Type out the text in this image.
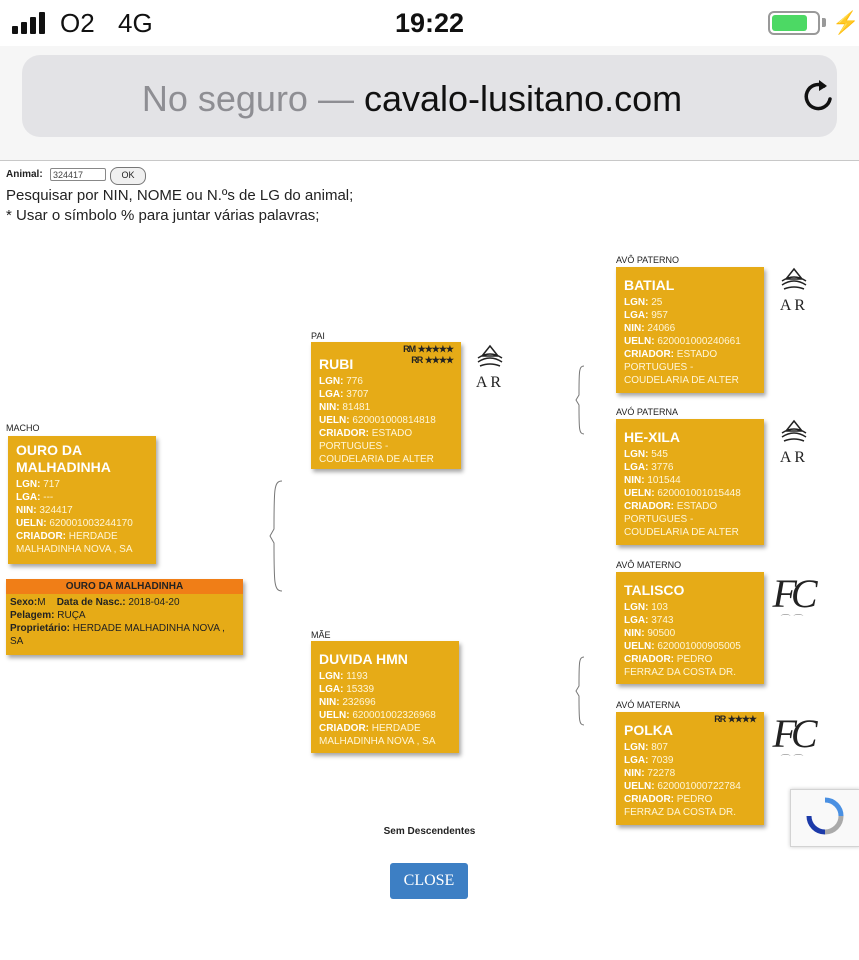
O2 4G	19:22	⚡
No seguro — cavalo-lusitano.com
Animal:
324417	OK
Pesquisar por NIN, NOME ou N.ºs de LG do animal;
* Usar o símbolo % para juntar várias palavras;
MACHO
OURO DA
MALHADINHA
LGN: 717
LGA: ---
NIN: 324417
UELN: 620001003244170
CRIADOR: HERDADE
MALHADINHA NOVA , SA
OURO DA MALHADINHA
Sexo:M Data de Nasc.: 2018-04-20
Pelagem: RUÇA
Proprietário: HERDADE MALHADINHA NOVA ,
SA
PAI
RM ★★★★★
RR ★★★★
RUBI
LGN: 776
LGA: 3707
NIN: 81481
UELN: 620001000814818
CRIADOR: ESTADO
PORTUGUES -
COUDELARIA DE ALTER
AR
MÃE
DUVIDA HMN
LGN: 1193
LGA: 15339
NIN: 232696
UELN: 620001002326968
CRIADOR: HERDADE
MALHADINHA NOVA , SA
AVÔ PATERNO
BATIAL
LGN: 25
LGA: 957
NIN: 24066
UELN: 620001000240661
CRIADOR: ESTADO
PORTUGUES -
COUDELARIA DE ALTER
AR
AVÓ PATERNA
HE-XILA
LGN: 545
LGA: 3776
NIN: 101544
UELN: 620001001015448
CRIADOR: ESTADO
PORTUGUES -
COUDELARIA DE ALTER
AR
AVÔ MATERNO
TALISCO
LGN: 103
LGA: 3743
NIN: 90500
UELN: 620001000905005
CRIADOR: PEDRO
FERRAZ DA COSTA DR.
FC
⌒ ⌒
AVÓ MATERNA
RR ★★★★
POLKA
LGN: 807
LGA: 7039
NIN: 72278
UELN: 620001000722784
CRIADOR: PEDRO
FERRAZ DA COSTA DR.
FC
⌒ ⌒
Sem Descendentes
CLOSE
